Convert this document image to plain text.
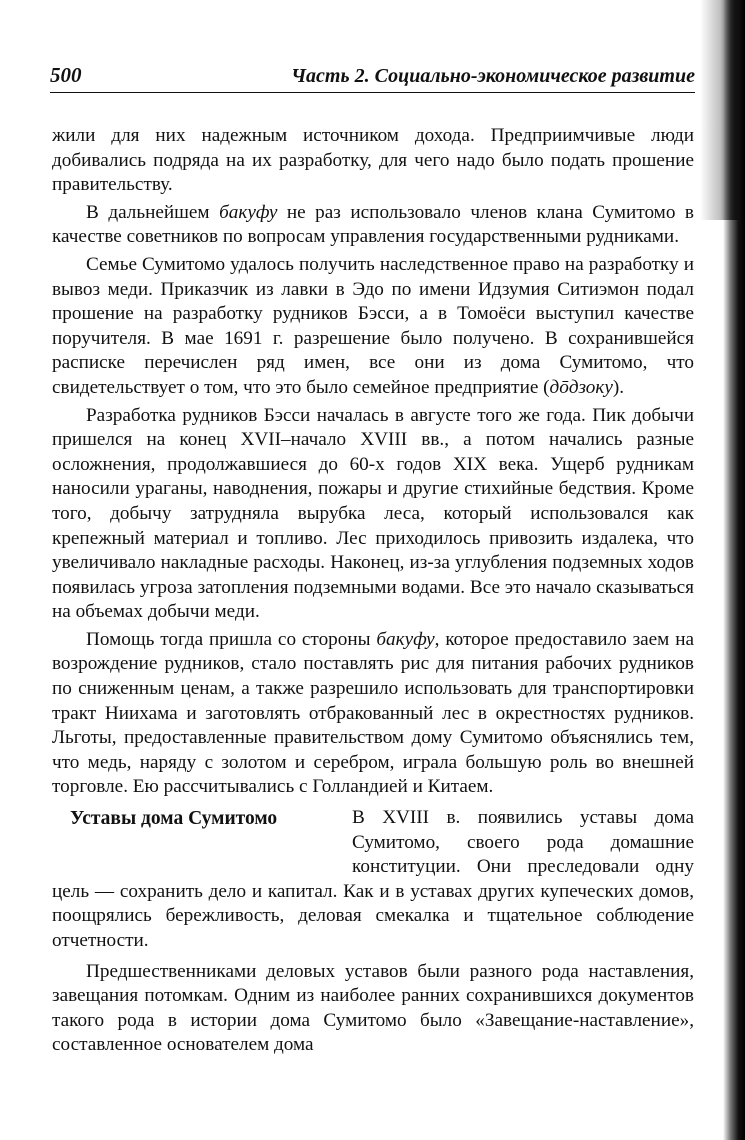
500	Часть 2. Социально-экономическое развитие

жили для них надежным источником дохода. Предприимчивые люди добивались подряда на их разработку, для чего надо было подать прошение правительству.

В дальнейшем бакуфу не раз использовало членов клана Сумитомо в качестве советников по вопросам управления государственными рудниками.

Семье Сумитомо удалось получить наследственное право на разработку и вывоз меди. Приказчик из лавки в Эдо по имени Идзумия Ситиэмон подал прошение на разработку рудников Бэсси, а в Томоёси выступил качестве поручителя. В мае 1691 г. разрешение было получено. В сохранившейся расписке перечислен ряд имен, все они из дома Сумитомо, что свидетельствует о том, что это было семейное предприятие (дōдзоку).

Разработка рудников Бэсси началась в августе того же года. Пик добычи пришелся на конец XVII–начало XVIII вв., а потом начались разные осложнения, продолжавшиеся до 60-х годов XIX века. Ущерб рудникам наносили ураганы, наводнения, пожары и другие стихийные бедствия. Кроме того, добычу затрудняла вырубка леса, который использовался как крепежный материал и топливо. Лес приходилось привозить издалека, что увеличивало накладные расходы. Наконец, из-за углубления подземных ходов появилась угроза затопления подземными водами. Все это начало сказываться на объемах добычи меди.

Помощь тогда пришла со стороны бакуфу, которое предоставило заем на возрождение рудников, стало поставлять рис для питания рабочих рудников по сниженным ценам, а также разрешило использовать для транспортировки тракт Ниихама и заготовлять отбракованный лес в окрестностях рудников. Льготы, предоставленные правительством дому Сумитомо объяснялись тем, что медь, наряду с золотом и серебром, играла большую роль во внешней торговле. Ею рассчитывались с Голландией и Китаем.

Уставы дома Сумитомо	В XVIII в. появились уставы дома Сумитомо, своего рода домашние конституции. Они преследовали одну цель — сохранить дело и капитал. Как и в уставах других купеческих домов, поощрялись бережливость, деловая смекалка и тщательное соблюдение отчетности.

Предшественниками деловых уставов были разного рода наставления, завещания потомкам. Одним из наиболее ранних сохранившихся документов такого рода в истории дома Сумитомо было «Завещание-наставление», составленное основателем дома
